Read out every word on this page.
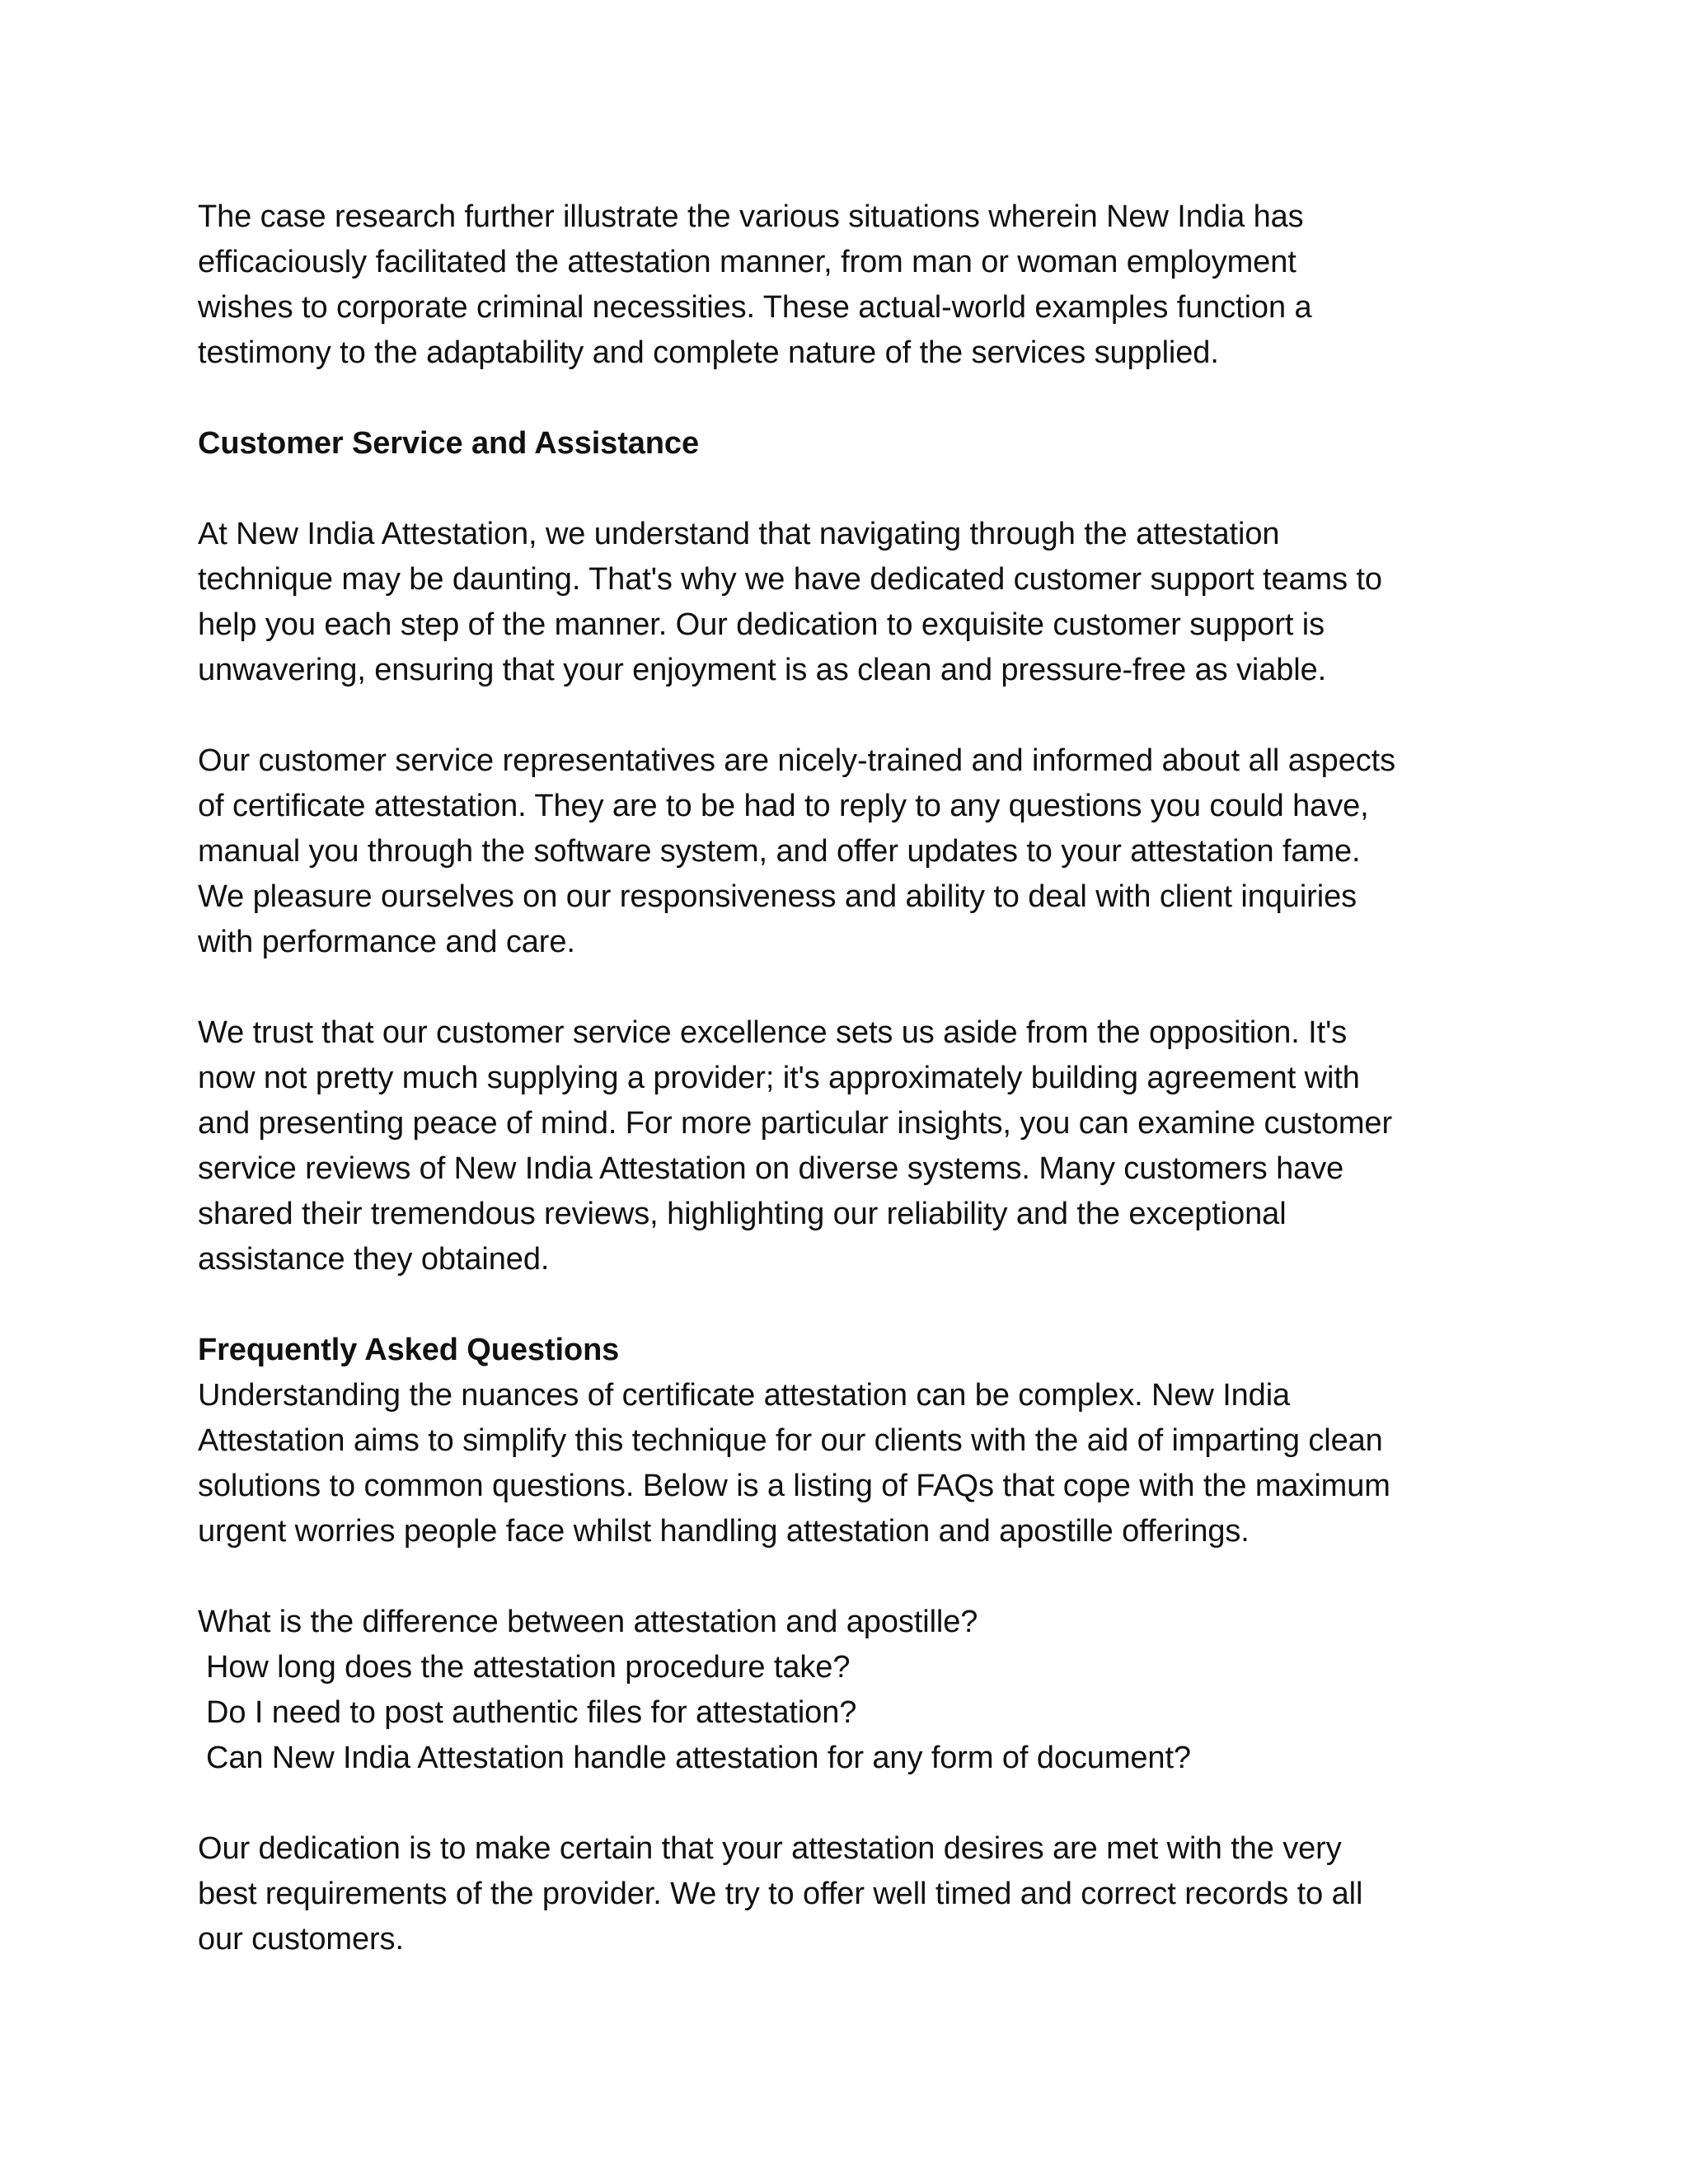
The case research further illustrate the various situations wherein New India has
efficaciously facilitated the attestation manner, from man or woman employment
wishes to corporate criminal necessities. These actual-world examples function a
testimony to the adaptability and complete nature of the services supplied.

Customer Service and Assistance

At New India Attestation, we understand that navigating through the attestation
technique may be daunting. That's why we have dedicated customer support teams to
help you each step of the manner. Our dedication to exquisite customer support is
unwavering, ensuring that your enjoyment is as clean and pressure-free as viable.

Our customer service representatives are nicely-trained and informed about all aspects
of certificate attestation. They are to be had to reply to any questions you could have,
manual you through the software system, and offer updates to your attestation fame.
We pleasure ourselves on our responsiveness and ability to deal with client inquiries
with performance and care.

We trust that our customer service excellence sets us aside from the opposition. It's
now not pretty much supplying a provider; it's approximately building agreement with
and presenting peace of mind. For more particular insights, you can examine customer
service reviews of New India Attestation on diverse systems. Many customers have
shared their tremendous reviews, highlighting our reliability and the exceptional
assistance they obtained.

Frequently Asked Questions

Understanding the nuances of certificate attestation can be complex. New India
Attestation aims to simplify this technique for our clients with the aid of imparting clean
solutions to common questions. Below is a listing of FAQs that cope with the maximum
urgent worries people face whilst handling attestation and apostille offerings.

What is the difference between attestation and apostille?
How long does the attestation procedure take?
Do I need to post authentic files for attestation?
Can New India Attestation handle attestation for any form of document?

Our dedication is to make certain that your attestation desires are met with the very
best requirements of the provider. We try to offer well timed and correct records to all
our customers.
